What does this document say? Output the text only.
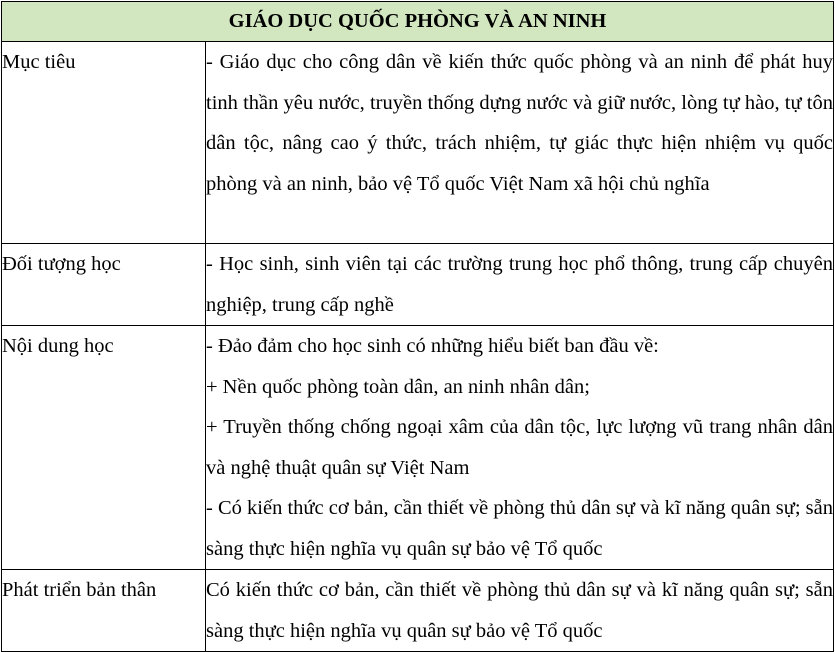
GIÁO DỤC QUỐC PHÒNG VÀ AN NINH	
Mục tiêu	- Giáo dục cho công dân về kiến thức quốc phòng và an ninh để phát huy tinh thần yêu nước, truyền thống dựng nước và giữ nước, lòng tự hào, tự tôn dân tộc, nâng cao ý thức, trách nhiệm, tự giác thực hiện nhiệm vụ quốc phòng và an ninh, bảo vệ Tổ quốc Việt Nam xã hội chủ nghĩa

Đối tượng học	- Học sinh, sinh viên tại các trường trung học phổ thông, trung cấp chuyên nghiệp, trung cấp nghề

Nội dung học	- Đảo đảm cho học sinh có những hiểu biết ban đầu về:
+ Nền quốc phòng toàn dân, an ninh nhân dân;
+ Truyền thống chống ngoại xâm của dân tộc, lực lượng vũ trang nhân dân và nghệ thuật quân sự Việt Nam
- Có kiến thức cơ bản, cần thiết về phòng thủ dân sự và kĩ năng quân sự; sẵn sàng thực hiện nghĩa vụ quân sự bảo vệ Tổ quốc

Phát triển bản thân	Có kiến thức cơ bản, cần thiết về phòng thủ dân sự và kĩ năng quân sự; sẵn sàng thực hiện nghĩa vụ quân sự bảo vệ Tổ quốc
